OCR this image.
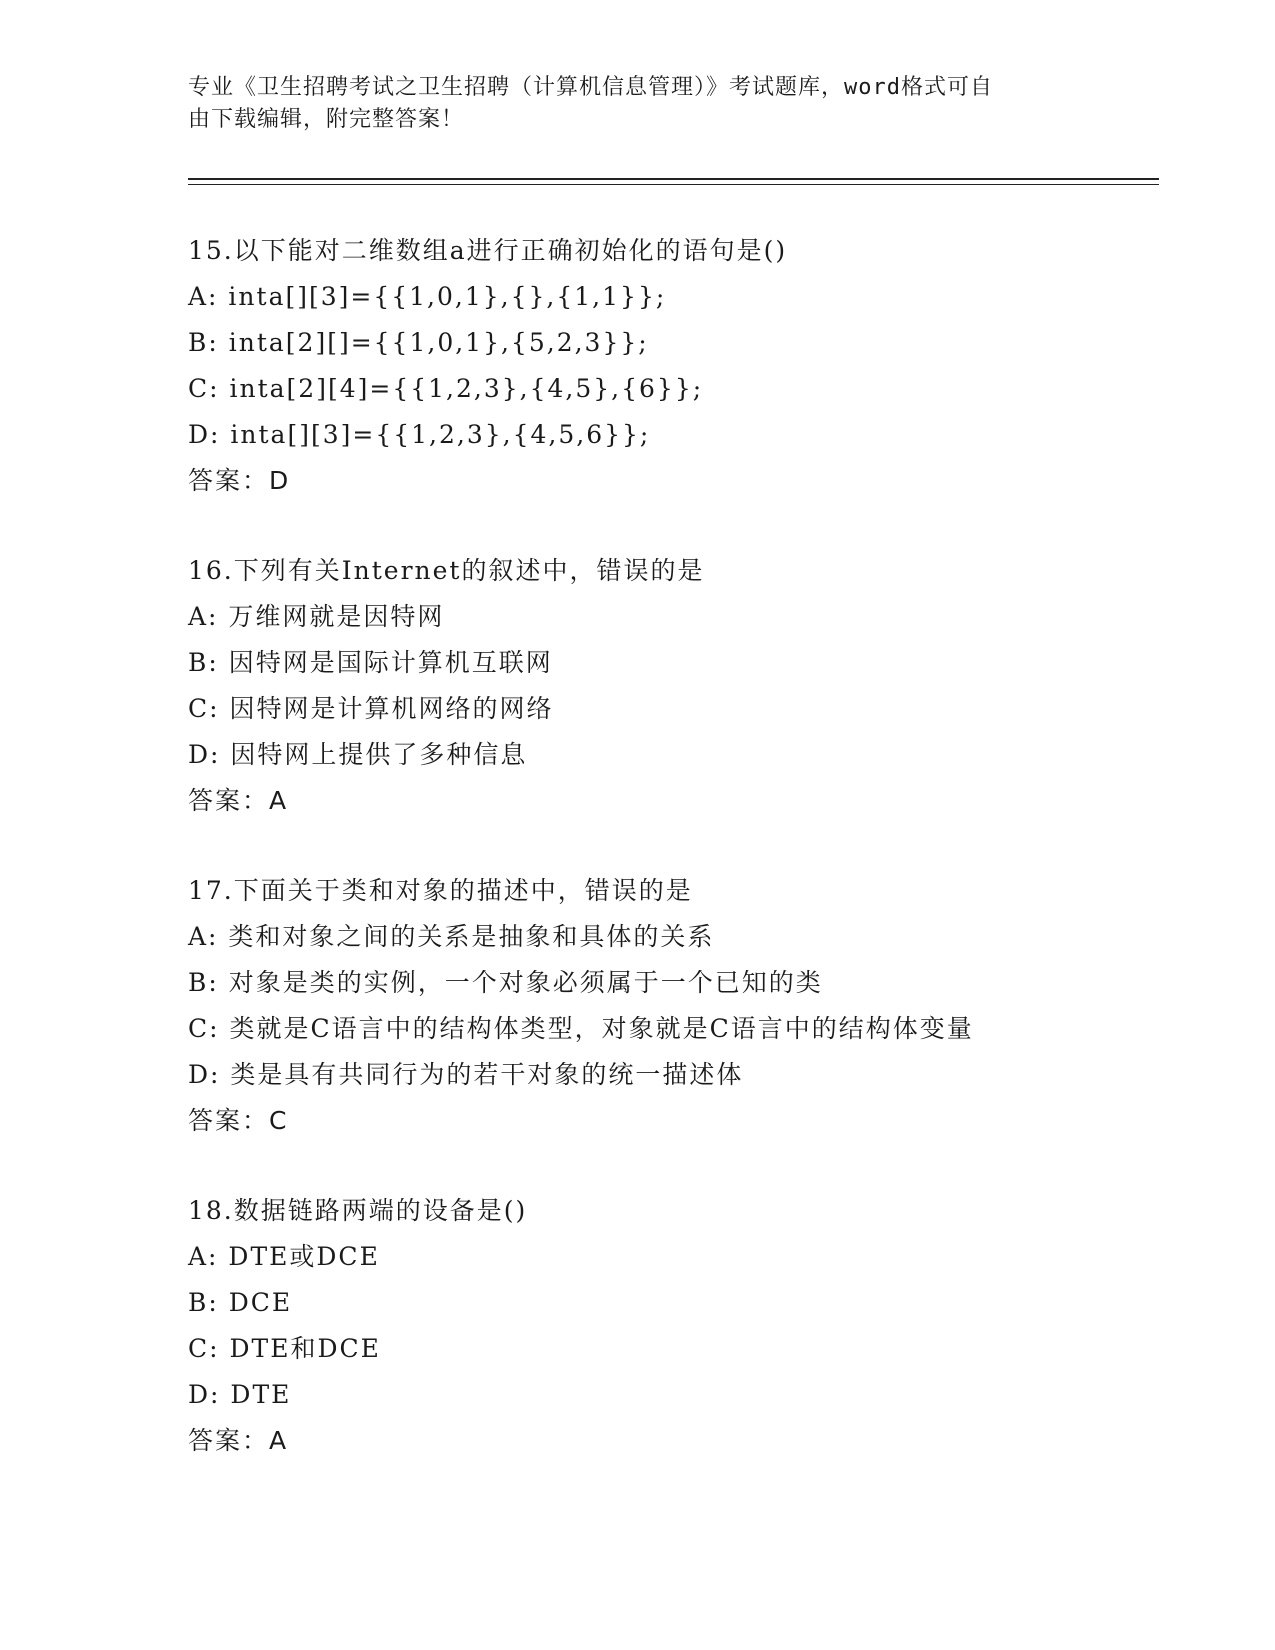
专业《卫生招聘考试之卫生招聘（计算机信息管理）》考试题库，word格式可自
由下载编辑，附完整答案！
15.以下能对二维数组a进行正确初始化的语句是()
A: inta[][3]={{1,0,1},{},{1,1}};
B: inta[2][]={{1,0,1},{5,2,3}};
C: inta[2][4]={{1,2,3},{4,5},{6}};
D: inta[][3]={{1,2,3},{4,5,6}};
答案：D
16.下列有关Internet的叙述中，错误的是
A: 万维网就是因特网
B: 因特网是国际计算机互联网
C: 因特网是计算机网络的网络
D: 因特网上提供了多种信息
答案：A
17.下面关于类和对象的描述中，错误的是
A: 类和对象之间的关系是抽象和具体的关系
B: 对象是类的实例，一个对象必须属于一个已知的类
C: 类就是C语言中的结构体类型，对象就是C语言中的结构体变量
D: 类是具有共同行为的若干对象的统一描述体
答案：C
18.数据链路两端的设备是()
A: DTE或DCE
B: DCE
C: DTE和DCE
D: DTE
答案：A
